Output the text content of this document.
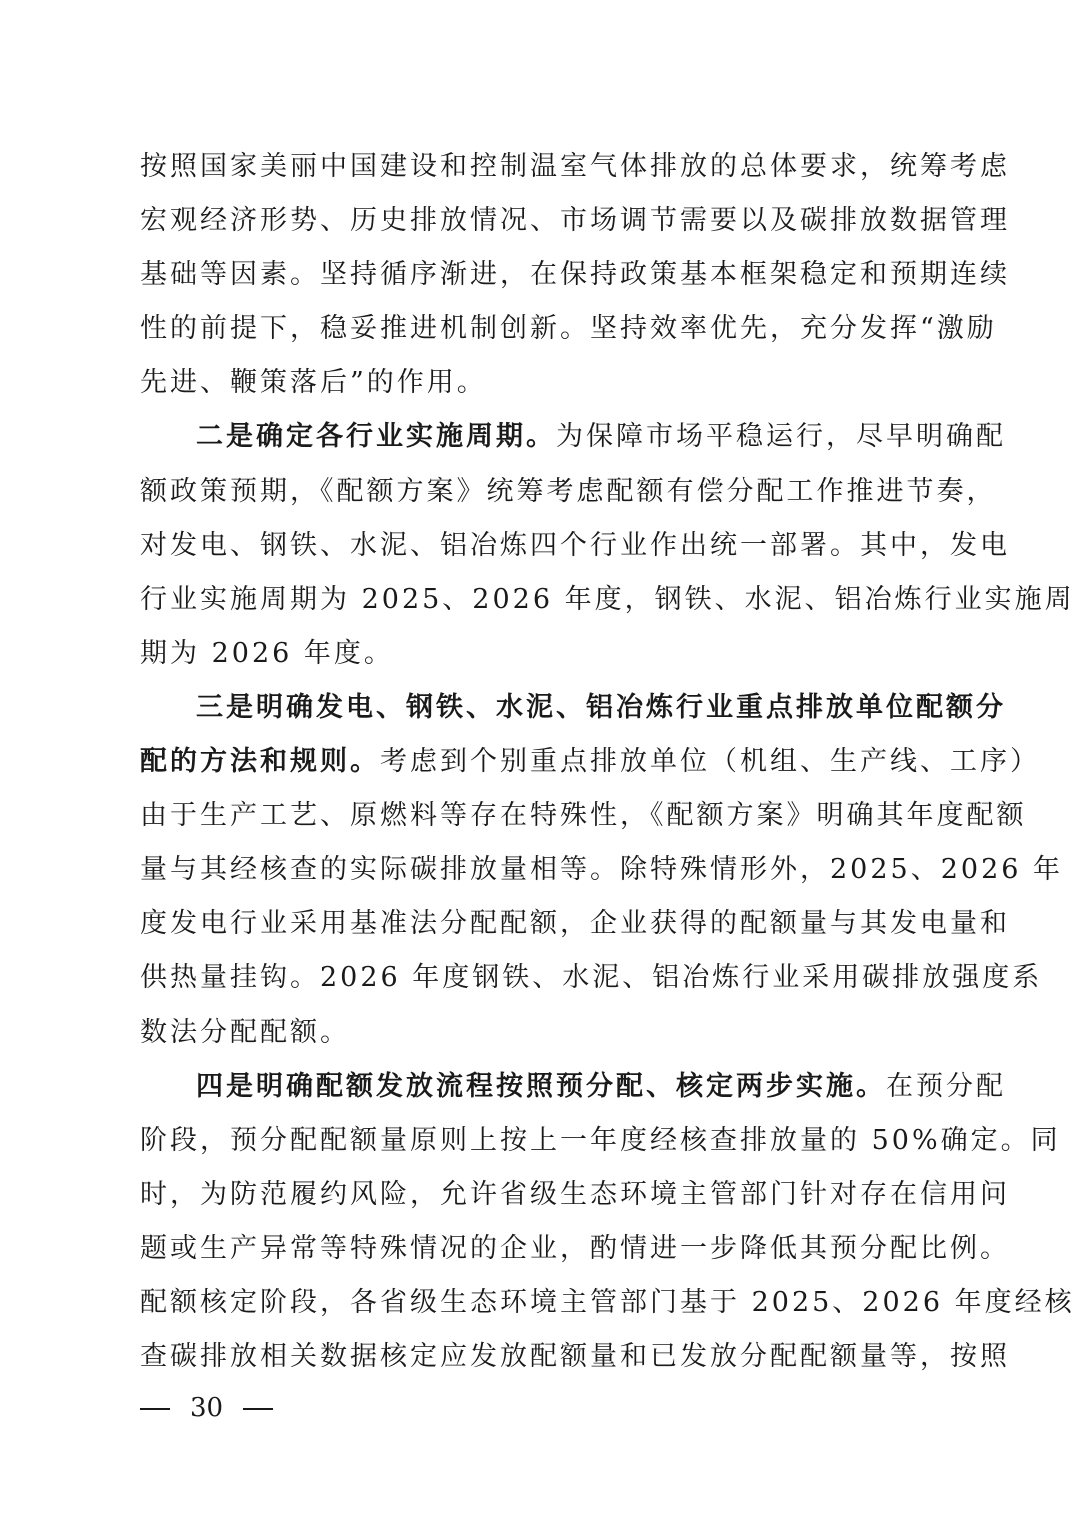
按照国家美丽中国建设和控制温室气体排放的总体要求，统筹考虑
宏观经济形势、历史排放情况、市场调节需要以及碳排放数据管理
基础等因素。坚持循序渐进，在保持政策基本框架稳定和预期连续
性的前提下，稳妥推进机制创新。坚持效率优先，充分发挥“激励
先进、鞭策落后”的作用。
二是确定各行业实施周期。为保障市场平稳运行，尽早明确配
额政策预期，《配额方案》统筹考虑配额有偿分配工作推进节奏，
对发电、钢铁、水泥、铝冶炼四个行业作出统一部署。其中，发电
行业实施周期为 2025、2026 年度，钢铁、水泥、铝冶炼行业实施周
期为 2026 年度。
三是明确发电、钢铁、水泥、铝冶炼行业重点排放单位配额分
配的方法和规则。考虑到个别重点排放单位（机组、生产线、工序）
由于生产工艺、原燃料等存在特殊性，《配额方案》明确其年度配额
量与其经核查的实际碳排放量相等。除特殊情形外，2025、2026 年
度发电行业采用基准法分配配额，企业获得的配额量与其发电量和
供热量挂钩。2026 年度钢铁、水泥、铝冶炼行业采用碳排放强度系
数法分配配额。
四是明确配额发放流程按照预分配、核定两步实施。在预分配
阶段，预分配配额量原则上按上一年度经核查排放量的 50%确定。同
时，为防范履约风险，允许省级生态环境主管部门针对存在信用问
题或生产异常等特殊情况的企业，酌情进一步降低其预分配比例。
配额核定阶段，各省级生态环境主管部门基于 2025、2026 年度经核
查碳排放相关数据核定应发放配额量和已发放分配配额量等，按照
30
